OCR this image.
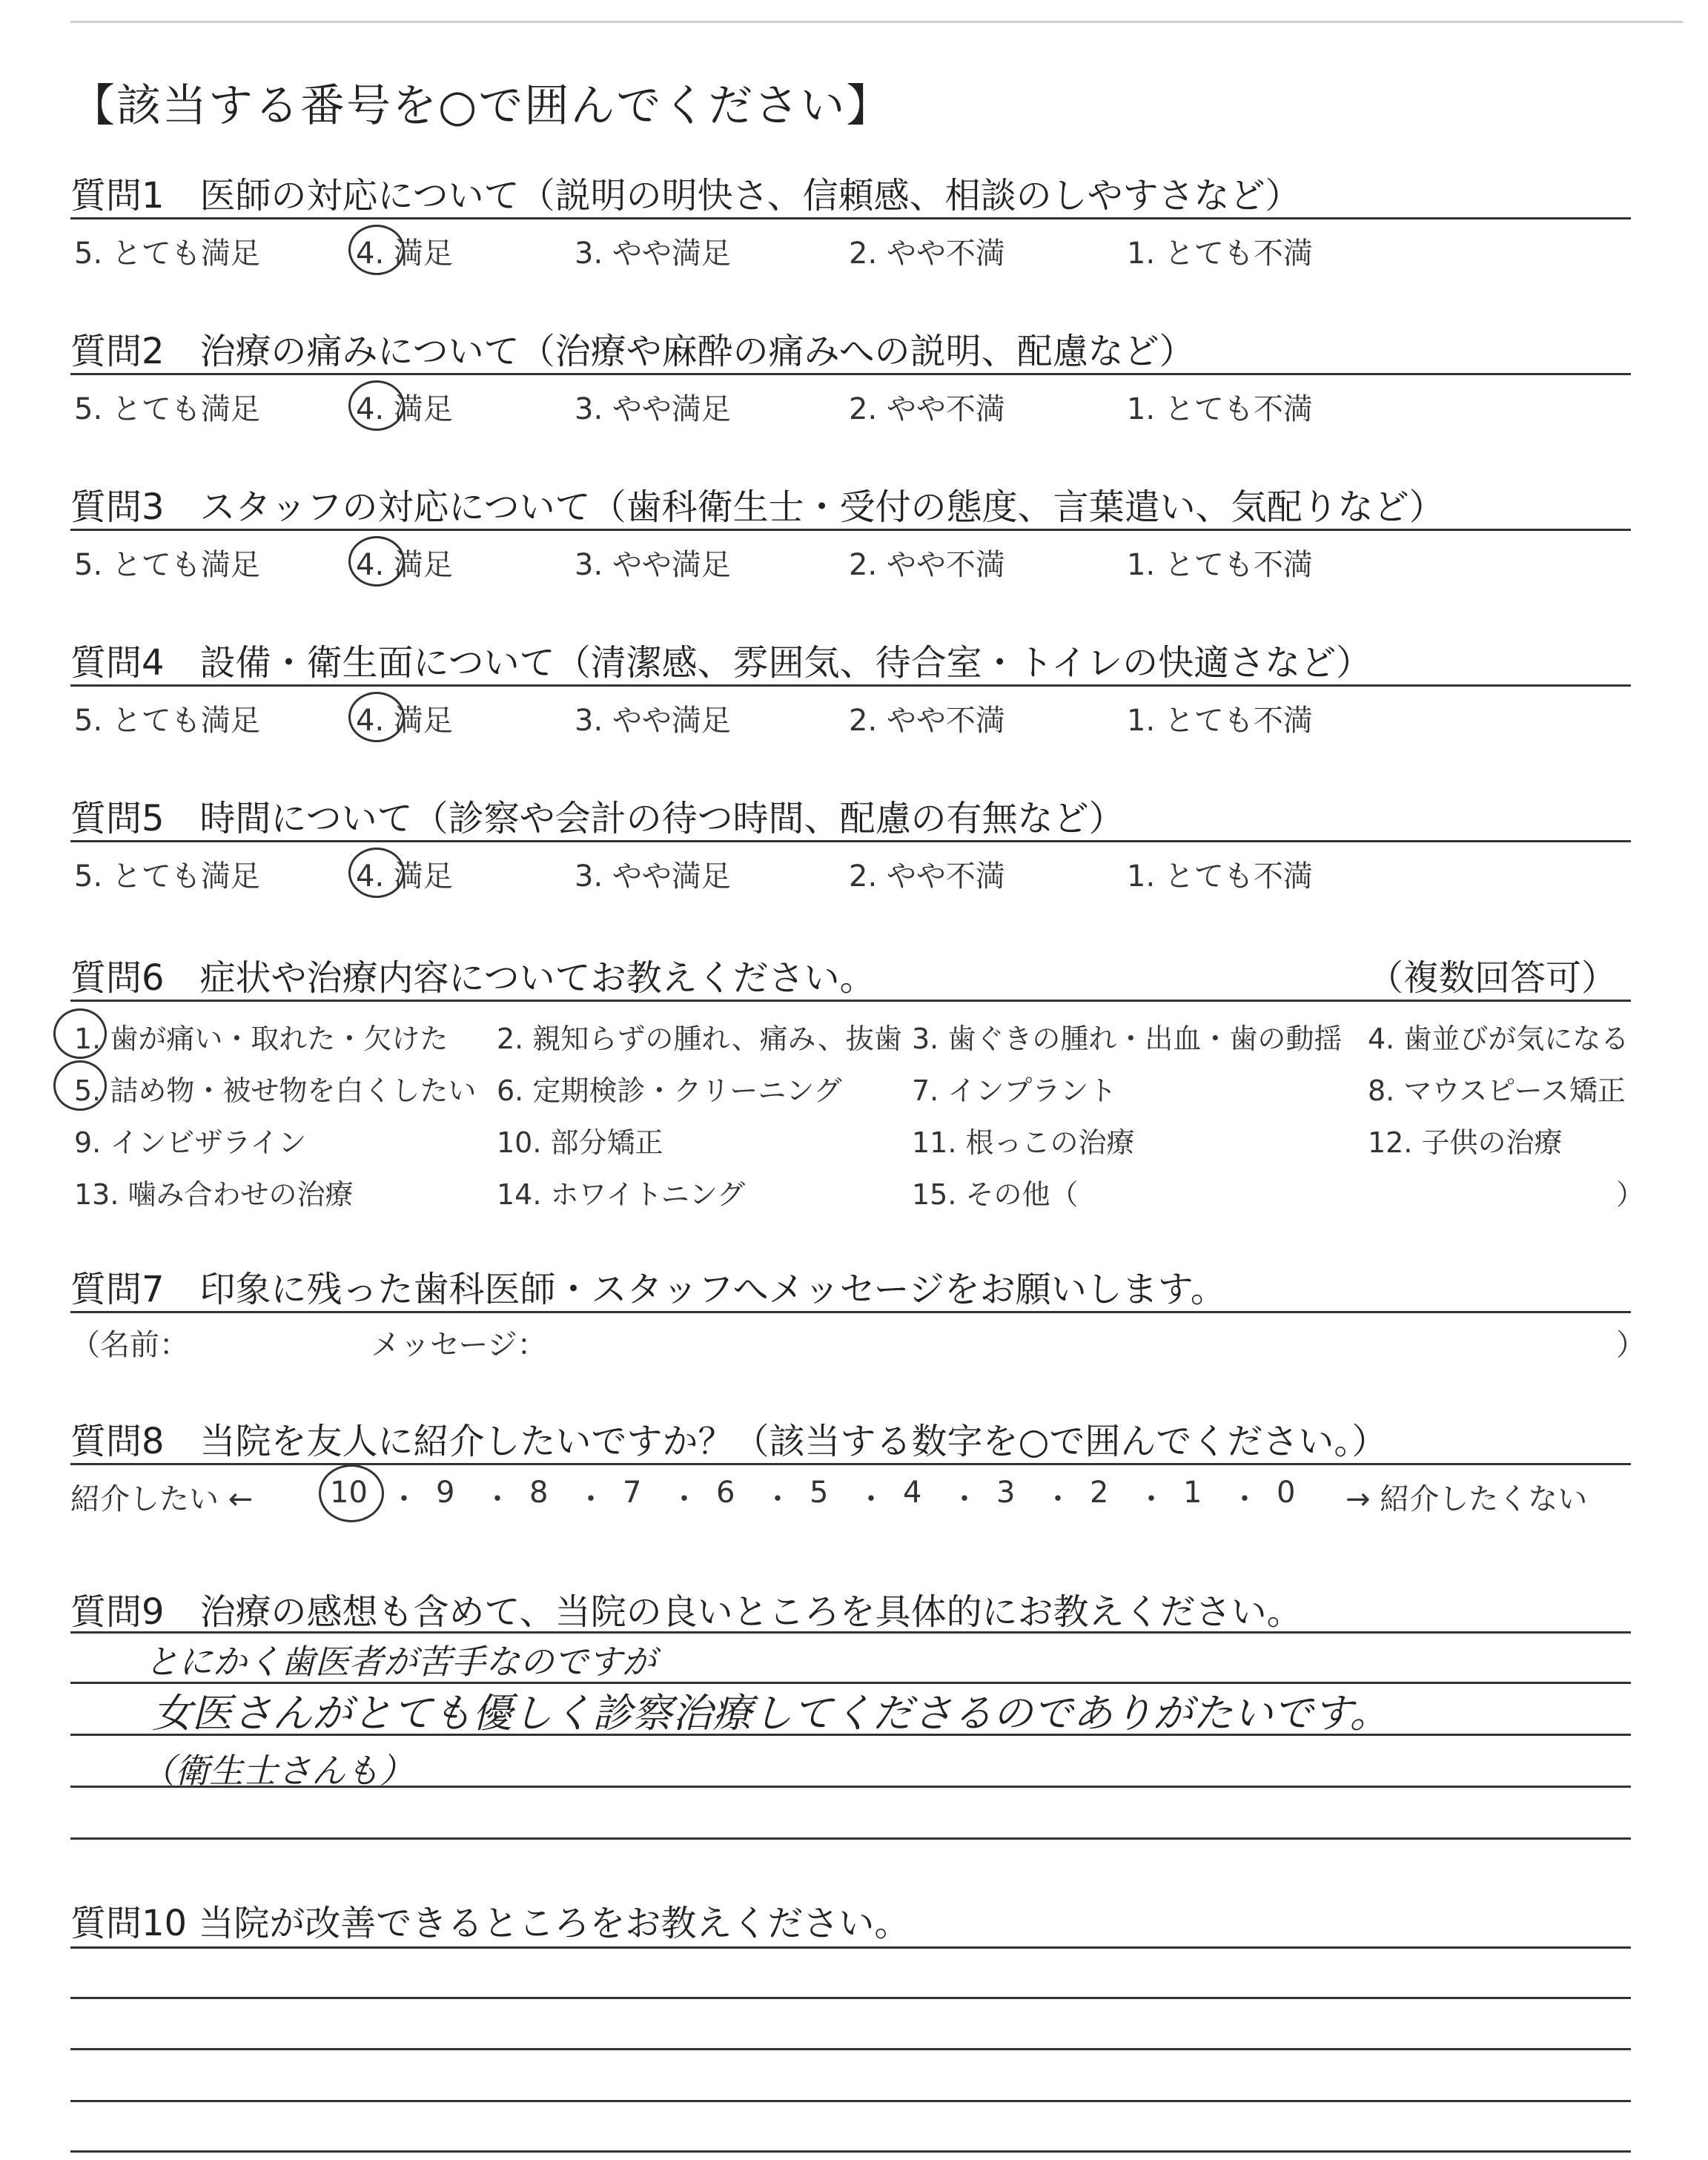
【該当する番号を○で囲んでください】
質問1　医師の対応について（説明の明快さ、信頼感、相談のしやすさなど）
5. とても満足	4. 満足	3. やや満足	2. やや不満	1. とても不満
質問2　治療の痛みについて（治療や麻酔の痛みへの説明、配慮など）
5. とても満足	4. 満足	3. やや満足	2. やや不満	1. とても不満
質問3　スタッフの対応について（歯科衛生士・受付の態度、言葉遣い、気配りなど）
5. とても満足	4. 満足	3. やや満足	2. やや不満	1. とても不満
質問4　設備・衛生面について（清潔感、雰囲気、待合室・トイレの快適さなど）
5. とても満足	4. 満足	3. やや満足	2. やや不満	1. とても不満
質問5　時間について（診察や会計の待つ時間、配慮の有無など）
5. とても満足	4. 満足	3. やや満足	2. やや不満	1. とても不満
質問6　症状や治療内容についてお教えください。	（複数回答可）
1. 歯が痛い・取れた・欠けた 2. 親知らずの腫れ、痛み、抜歯 3. 歯ぐきの腫れ・出血・歯の動揺 4. 歯並びが気になる
5. 詰め物・被せ物を白くしたい 6. 定期検診・クリーニング 7. インプラント	8. マウスピース矯正
9. インビザライン	10. 部分矯正	11. 根っこの治療	12. 子供の治療
13. 噛み合わせの治療	14. ホワイトニング	15. その他（	）
質問7　印象に残った歯科医師・スタッフへメッセージをお願いします。
（名前：	メッセージ：	）
質問8　当院を友人に紹介したいですか？（該当する数字を○で囲んでください。）
紹介したい ←	10 ・ 9 ・ 8 ・ 7 ・ 6 ・ 5 ・ 4 ・ 3 ・ 2 ・ 1 ・ 0 → 紹介したくない
質問9　治療の感想も含めて、当院の良いところを具体的にお教えください。
とにかく歯医者が苦手なのですが
女医さんがとても優しく診察治療してくださるのでありがたいです。
（衛生士さんも）
質問10 当院が改善できるところをお教えください。
